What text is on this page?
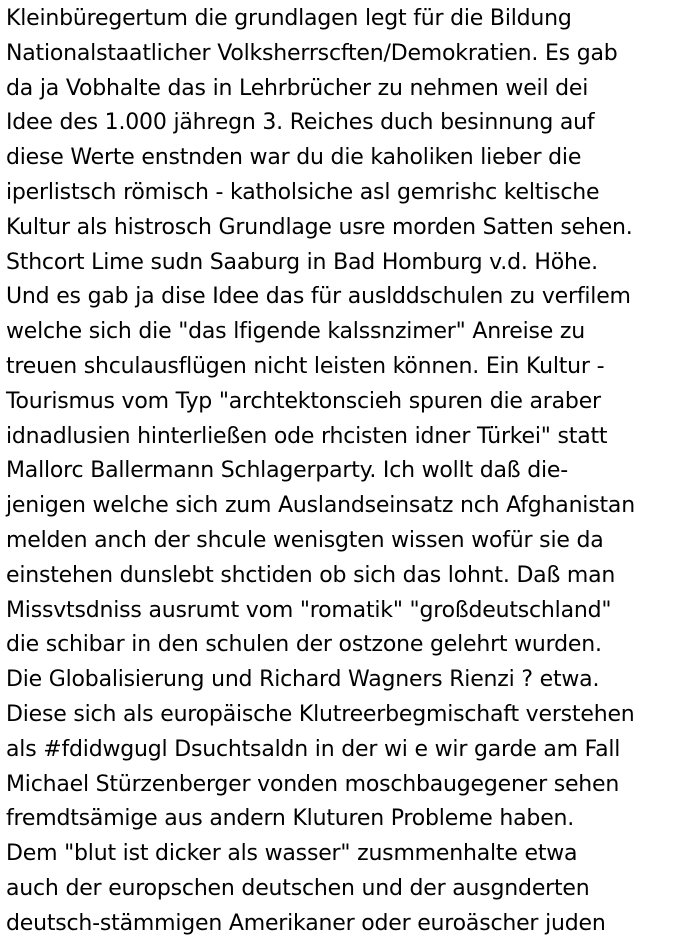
Kleinbüregertum die grundlagen legt für die Bildung
Nationalstaatlicher Volksherrscften/Demokratien. Es gab
da ja Vobhalte das in Lehrbrücher zu nehmen weil dei
Idee des 1.000 jähregn 3. Reiches duch besinnung auf
diese Werte enstnden war du die kaholiken lieber die
iperlistsch römisch - katholsiche asl gemrishc keltische
Kultur als histrosch Grundlage usre morden Satten sehen.
Sthcort Lime sudn Saaburg in Bad Homburg v.d. Höhe.
Und es gab ja dise Idee das für auslddschulen zu verfilem
welche sich die "das lfigende kalssnzimer" Anreise zu
treuen shculausflügen nicht leisten können. Ein Kultur -
Tourismus vom Typ "archtektonscieh spuren die araber
idnadlusien hinterließen ode rhcisten idner Türkei" statt
Mallorc Ballermann Schlagerparty. Ich wollt daß die-
jenigen welche sich zum Auslandseinsatz nch Afghanistan
melden anch der shcule wenisgten wissen wofür sie da
einstehen dunslebt shctiden ob sich das lohnt. Daß man
Missvtsdniss ausrumt vom "romatik" "großdeutschland"
die schibar in den schulen der ostzone gelehrt wurden.
Die Globalisierung und Richard Wagners Rienzi ? etwa.
Diese sich als europäische Klutreerbegmischaft verstehen
als #fdidwgugl Dsuchtsaldn in der wi e wir garde am Fall
Michael Stürzenberger vonden moschbaugegener sehen
fremdtsämige aus andern Kluturen Probleme haben.
Dem "blut ist dicker als wasser" zusmmenhalte etwa
auch der europschen deutschen und der ausgnderten
deutsch-stämmigen Amerikaner oder euroäscher juden
